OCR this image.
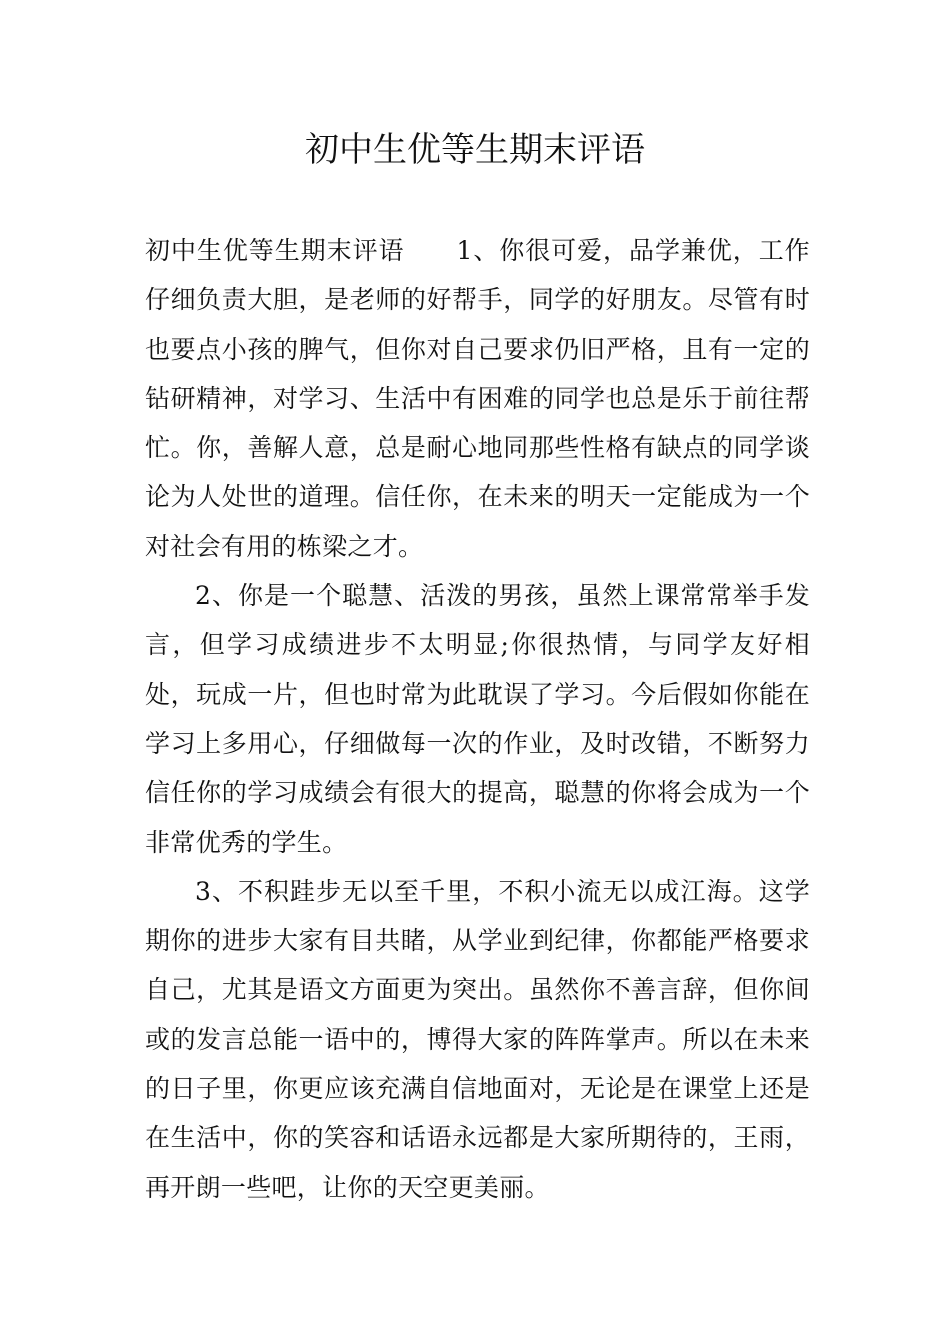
初中生优等生期末评语

初中生优等生期末评语 1、你很可爱，品学兼优，工作仔细负责大胆，是老师的好帮手，同学的好朋友。尽管有时也要点小孩的脾气，但你对自己要求仍旧严格，且有一定的钻研精神，对学习、生活中有困难的同学也总是乐于前往帮忙。你，善解人意，总是耐心地同那些性格有缺点的同学谈论为人处世的道理。信任你，在未来的明天一定能成为一个对社会有用的栋梁之才。

2、你是一个聪慧、活泼的男孩，虽然上课常常举手发言，但学习成绩进步不太明显;你很热情，与同学友好相处，玩成一片，但也时常为此耽误了学习。今后假如你能在学习上多用心，仔细做每一次的作业，及时改错，不断努力信任你的学习成绩会有很大的提高，聪慧的你将会成为一个非常优秀的学生。

3、不积跬步无以至千里，不积小流无以成江海。这学期你的进步大家有目共睹，从学业到纪律，你都能严格要求自己，尤其是语文方面更为突出。虽然你不善言辞，但你间或的发言总能一语中的，博得大家的阵阵掌声。所以在未来的日子里，你更应该充满自信地面对，无论是在课堂上还是在生活中，你的笑容和话语永远都是大家所期待的，王雨，再开朗一些吧，让你的天空更美丽。
